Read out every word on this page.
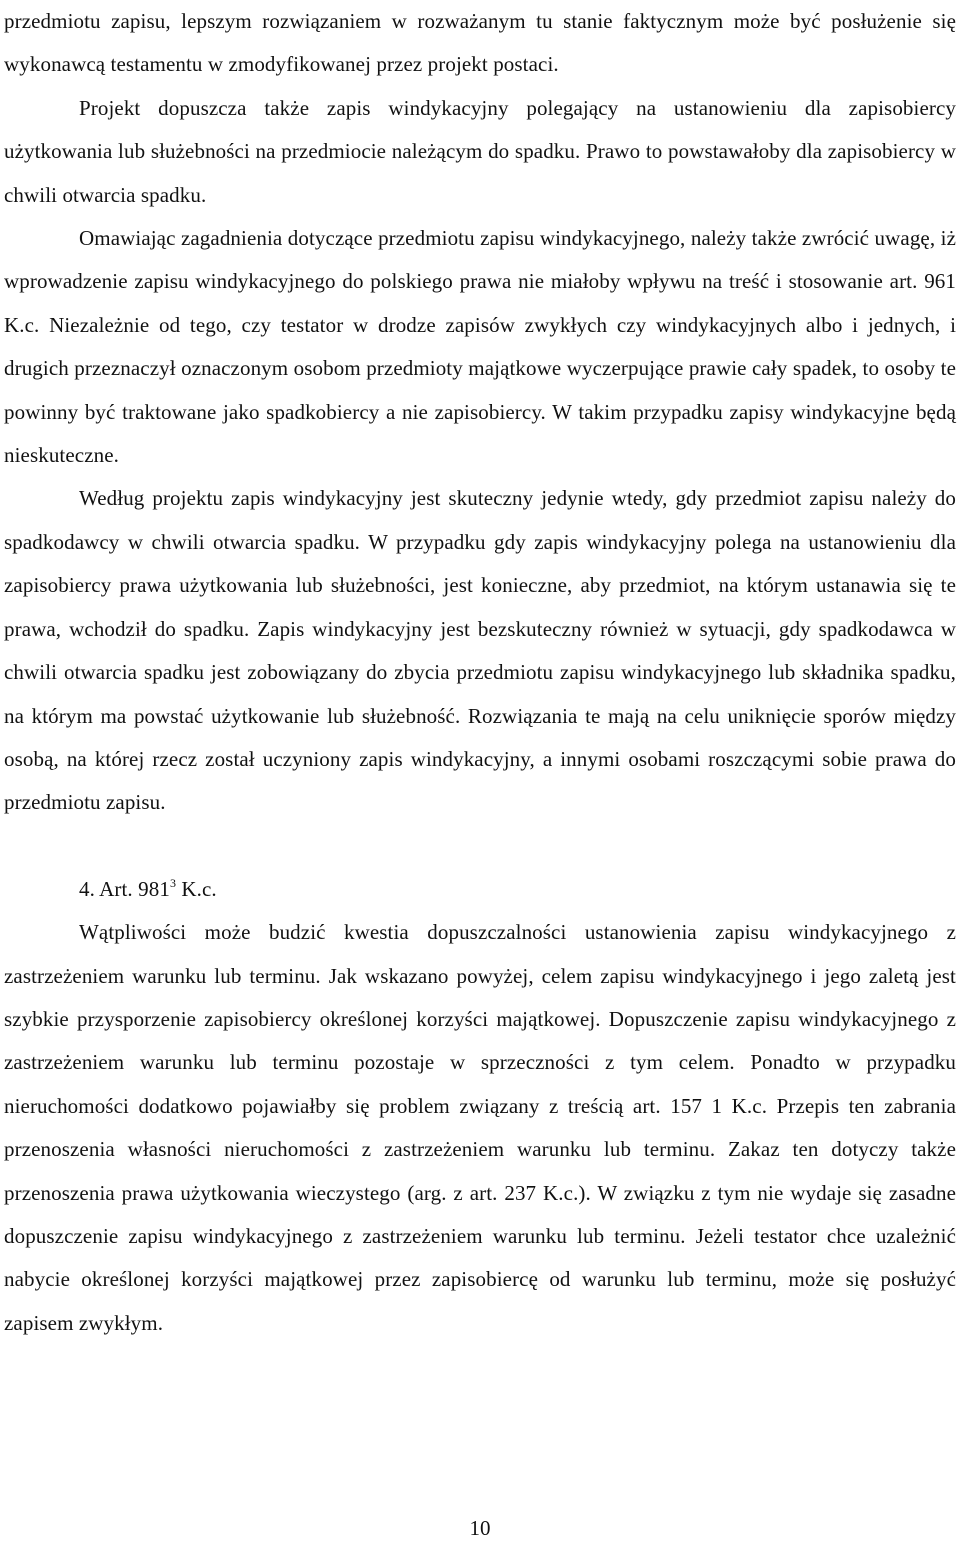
przedmiotu zapisu, lepszym rozwiązaniem w rozważanym tu stanie faktycznym może być posłużenie się wykonawcą testamentu w zmodyfikowanej przez projekt postaci.

Projekt dopuszcza także zapis windykacyjny polegający na ustanowieniu dla zapisobiercy użytkowania lub służebności na przedmiocie należącym do spadku. Prawo to powstawałoby dla zapisobiercy w chwili otwarcia spadku.

Omawiając zagadnienia dotyczące przedmiotu zapisu windykacyjnego, należy także zwrócić uwagę, iż wprowadzenie zapisu windykacyjnego do polskiego prawa nie miałoby wpływu na treść i stosowanie art. 961 K.c. Niezależnie od tego, czy testator w drodze zapisów zwykłych czy windykacyjnych albo i jednych, i drugich przeznaczył oznaczonym osobom przedmioty majątkowe wyczerpujące prawie cały spadek, to osoby te powinny być traktowane jako spadkobiercy a nie zapisobiercy. W takim przypadku zapisy windykacyjne będą nieskuteczne.

Według projektu zapis windykacyjny jest skuteczny jedynie wtedy, gdy przedmiot zapisu należy do spadkodawcy w chwili otwarcia spadku. W przypadku gdy zapis windykacyjny polega na ustanowieniu dla zapisobiercy prawa użytkowania lub służebności, jest konieczne, aby przedmiot, na którym ustanawia się te prawa, wchodził do spadku. Zapis windykacyjny jest bezskuteczny również w sytuacji, gdy spadkodawca w chwili otwarcia spadku jest zobowiązany do zbycia przedmiotu zapisu windykacyjnego lub składnika spadku, na którym ma powstać użytkowanie lub służebność. Rozwiązania te mają na celu uniknięcie sporów między osobą, na której rzecz został uczyniony zapis windykacyjny, a innymi osobami roszczącymi sobie prawa do przedmiotu zapisu.

4. Art. $981^3$ K.c.

Wątpliwości może budzić kwestia dopuszczalności ustanowienia zapisu windykacyjnego z zastrzeżeniem warunku lub terminu. Jak wskazano powyżej, celem zapisu windykacyjnego i jego zaletą jest szybkie przysporzenie zapisobiercy określonej korzyści majątkowej. Dopuszczenie zapisu windykacyjnego z zastrzeżeniem warunku lub terminu pozostaje w sprzeczności z tym celem. Ponadto w przypadku nieruchomości dodatkowo pojawiałby się problem związany z treścią art. 157 1 K.c. Przepis ten zabrania przenoszenia własności nieruchomości z zastrzeżeniem warunku lub terminu. Zakaz ten dotyczy także przenoszenia prawa użytkowania wieczystego (arg. z art. 237 K.c.). W związku z tym nie wydaje się zasadne dopuszczenie zapisu windykacyjnego z zastrzeżeniem warunku lub terminu. Jeżeli testator chce uzależnić nabycie określonej korzyści majątkowej przez zapisobiercę od warunku lub terminu, może się posłużyć zapisem zwykłym.

10
